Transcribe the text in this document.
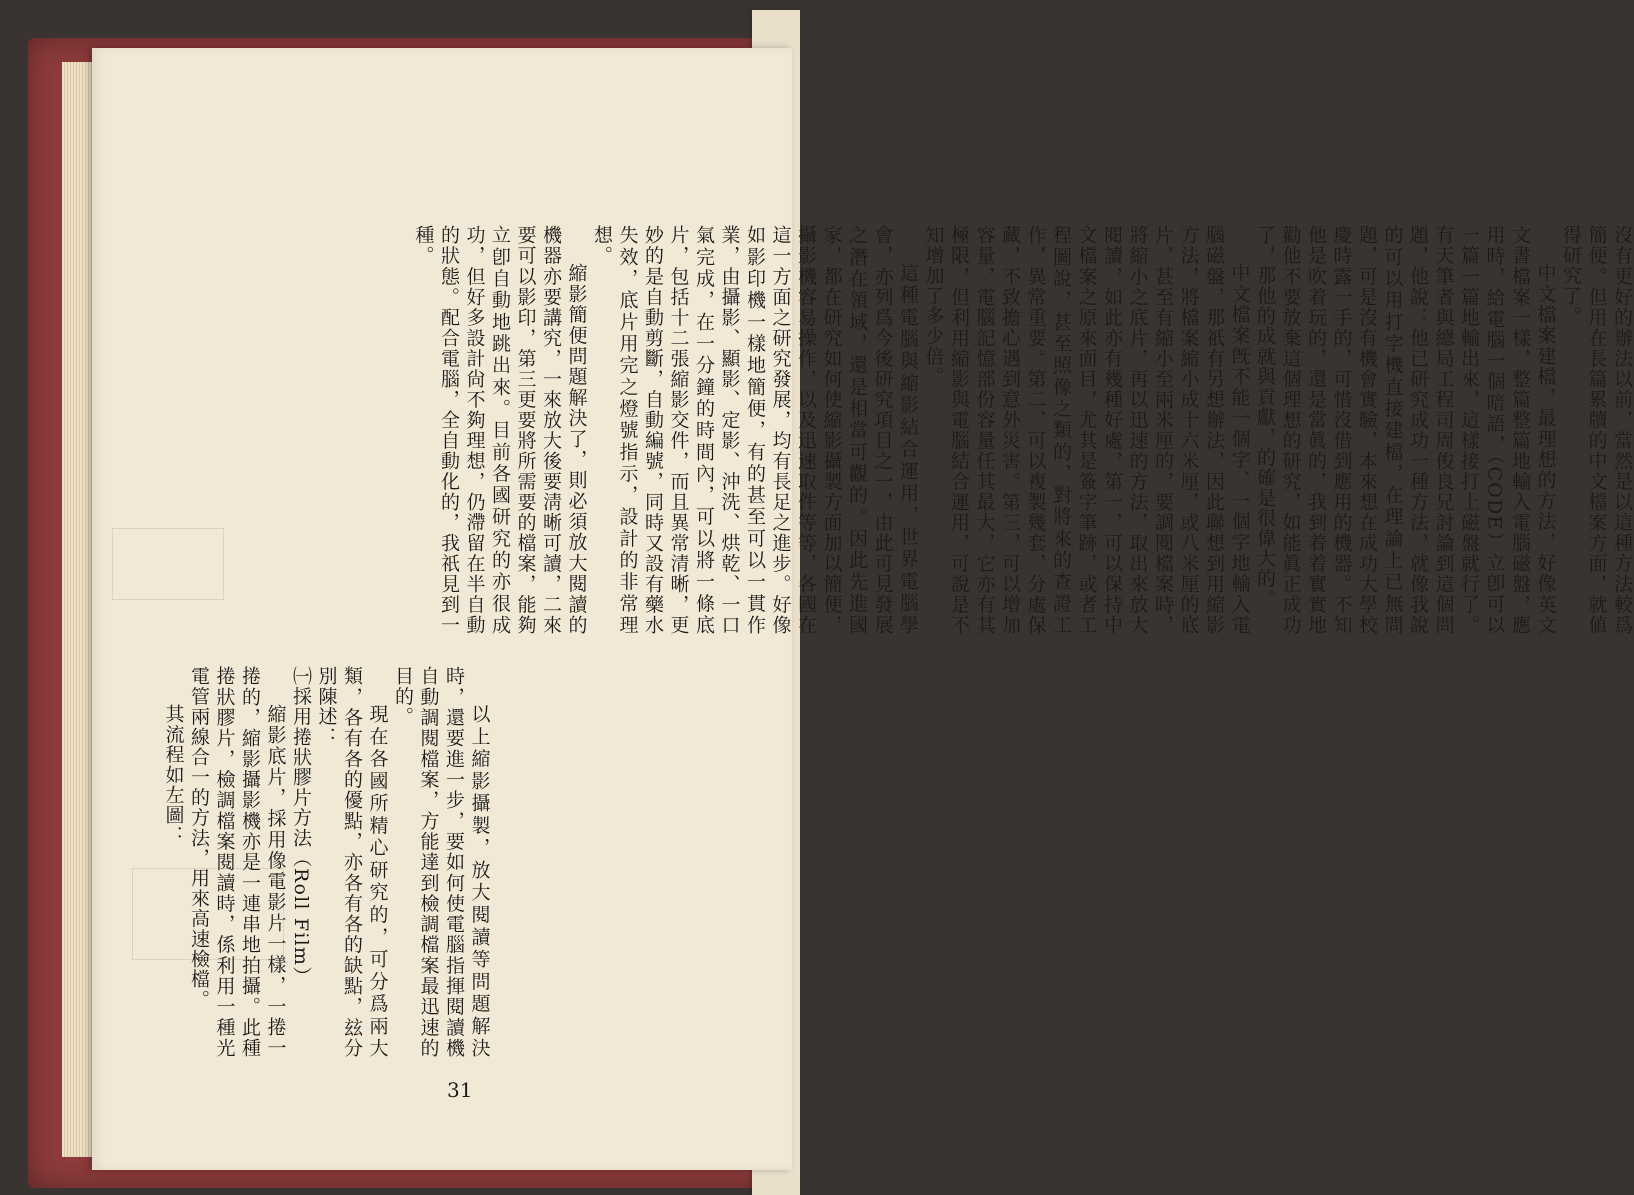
沒有更好的辦法以前，當然是以這種方法較爲簡便。但用在長篇累牘的中文檔案方面，就値得研究了。

中文檔案建檔，最理想的方法，好像英文文書檔案一樣，整篇整篇地輸入電腦磁盤，應用時，給電腦一個暗語，（CODE）立卽可以一篇一篇地輸出來，這樣接打上磁盤就行了。有天筆者與總局工程司周俊良兄討論到這個問題，他說：他已研究成功一種方法，就像我說的可以用打字機直接建檔，在理論上已無問題，可是沒有機會實驗，本來想在成功大學校慶時露一手的，可惜沒借到應用的機器。不知他是吹着玩的，還是當眞的，我到着着實實地勸他不要放棄這個理想的研究，如能眞正成功了，那他的成就與貢獻，的確是很偉大的。

中文檔案旣不能一個字、一個字地輸入電腦磁盤，那祇有另想辦法，因此聯想到用縮影方法，將檔案縮小成十六米厘，或八米厘的底片，甚至有縮小至兩米厘的，要調閱檔案時，將縮小之底片，再以迅速的方法，取出來放大閱讀，如此亦有幾種好處，第一，可以保持中文檔案之原來面目，尤其是簽字筆跡，或者工程圖說，甚至照像之類的，對將來的查證工作，異常重要。第二，可以複製幾套，分處保藏，不致擔心遇到意外災害。第三，可以增加容量，電腦記憶部份容量任其最大，它亦有其極限，但利用縮影與電腦結合運用，可說是不知增加了多少倍。

這種電腦與縮影結合運用，世界電腦學會，亦列爲今後研究項目之一，由此可見發展之潛在領域，還是相當可觀的。因此先進國家，都在研究如何使縮影攝製方面加以簡便，攝影機容易操作，以及迅速取件等等，各國在這一方面之研究發展，均有長足之進步。好像如影印機一樣地簡便，有的甚至可以一貫作業，由攝影、顯影、定影、沖洗、烘乾、一口氣完成，在一分鐘的時間內，可以將一條底片，包括十二張縮影交件，而且異常清晰，更妙的是自動剪斷，自動編號，同時又設有藥水失效，底片用完之燈號指示，設計的非常理想。

縮影簡便問題解決了，則必須放大閱讀的機器亦要講究，一來放大後要淸晰可讀，二來要可以影印，第三更要將所需要的檔案，能夠立卽自動地跳出來。目前各國研究的亦很成功，但好多設計尙不夠理想，仍滯留在半自動的狀態。配合電腦，全自動化的，我祇見到一種。

以上縮影攝製，放大閱讀等問題解決時，還要進一步，要如何使電腦指揮閱讀機自動調閱檔案，方能達到檢調檔案最迅速的目的。

現在各國所精心研究的，可分爲兩大類，各有各的優點，亦各有各的缺點，玆分別陳述：

㈠採用捲狀膠片方法（Roll Film）

縮影底片，採用像電影片一樣，一捲一捲的，縮影攝影機亦是一連串地拍攝。此種捲狀膠片，檢調檔案閱讀時，係利用一種光電管兩線合一的方法，用來高速檢檔。

其流程如左圖：

31
